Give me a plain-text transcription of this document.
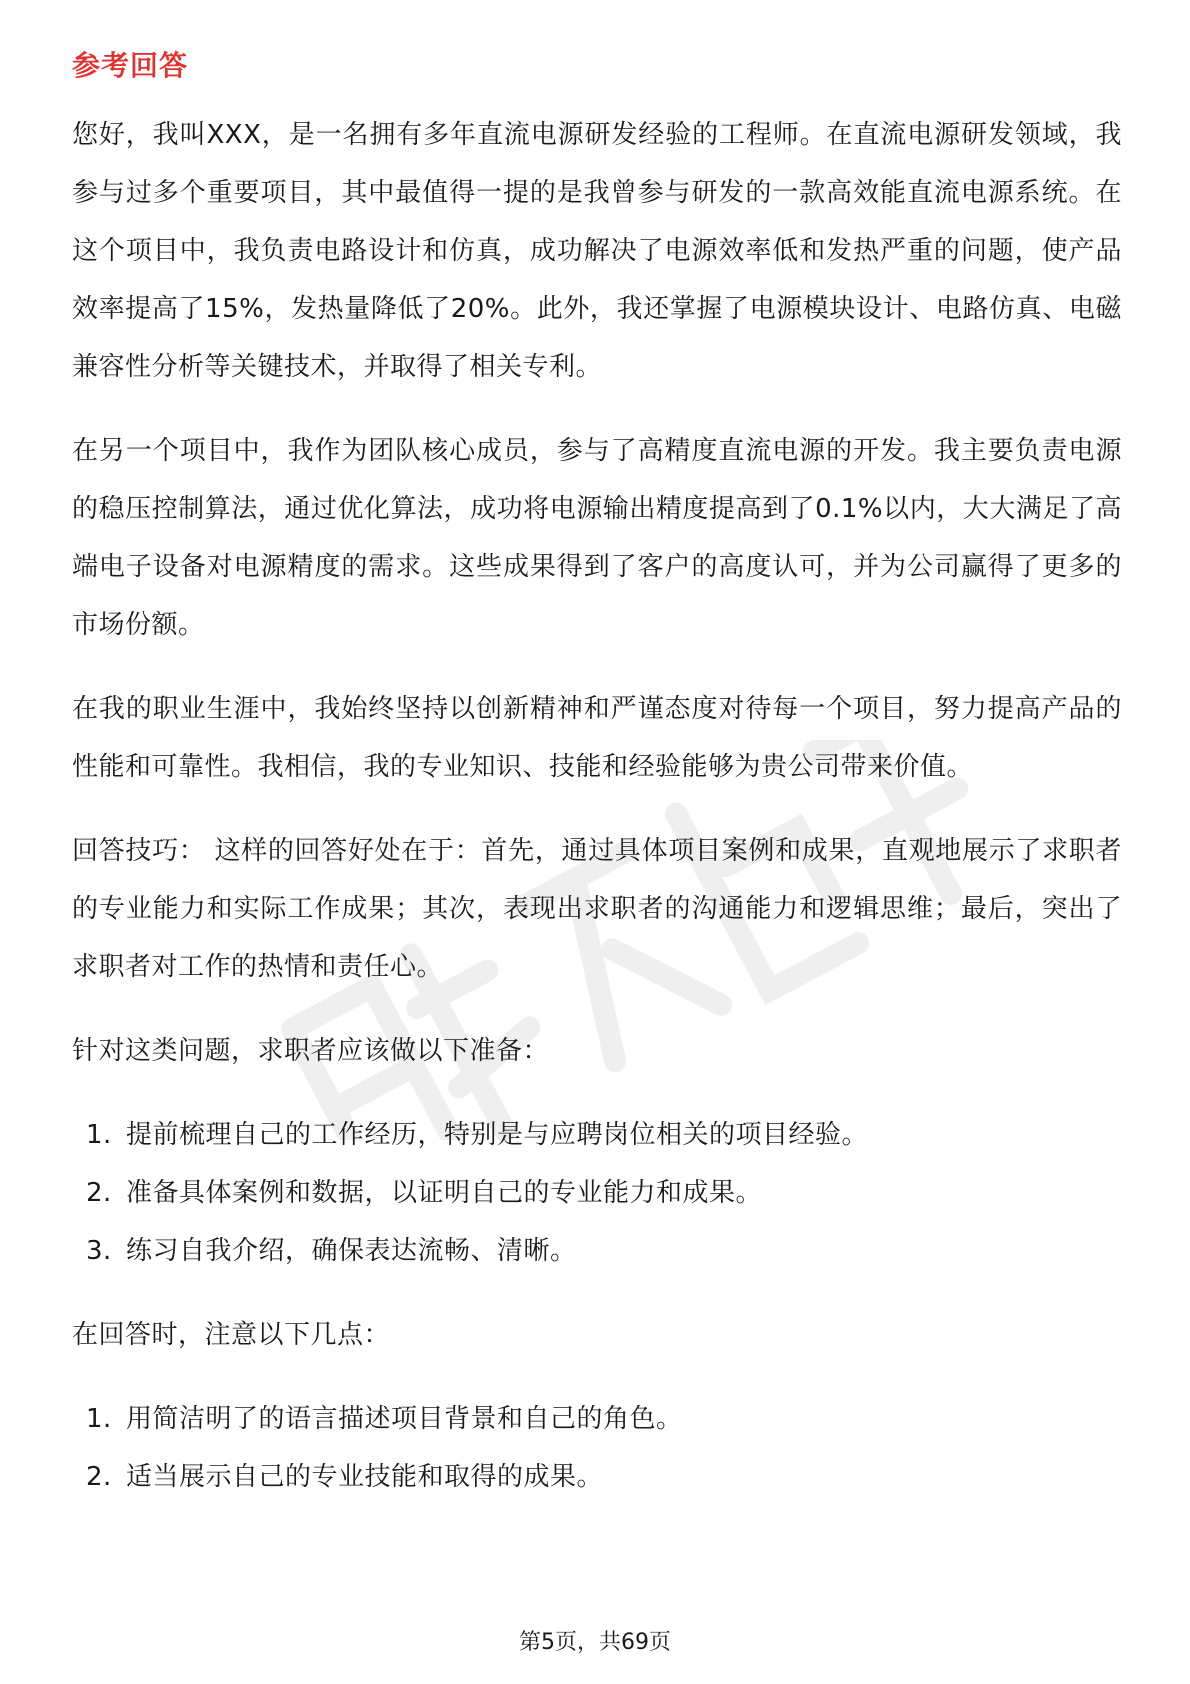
参考回答

您好，我叫XXX，是一名拥有多年直流电源研发经验的工程师。在直流电源研发领域，我参与过多个重要项目，其中最值得一提的是我曾参与研发的一款高效能直流电源系统。在这个项目中，我负责电路设计和仿真，成功解决了电源效率低和发热严重的问题，使产品效率提高了15%，发热量降低了20%。此外，我还掌握了电源模块设计、电路仿真、电磁兼容性分析等关键技术，并取得了相关专利。

在另一个项目中，我作为团队核心成员，参与了高精度直流电源的开发。我主要负责电源的稳压控制算法，通过优化算法，成功将电源输出精度提高到了0.1%以内，大大满足了高端电子设备对电源精度的需求。这些成果得到了客户的高度认可，并为公司赢得了更多的市场份额。

在我的职业生涯中，我始终坚持以创新精神和严谨态度对待每一个项目，努力提高产品的性能和可靠性。我相信，我的专业知识、技能和经验能够为贵公司带来价值。

回答技巧： 这样的回答好处在于：首先，通过具体项目案例和成果，直观地展示了求职者的专业能力和实际工作成果；其次，表现出求职者的沟通能力和逻辑思维；最后，突出了求职者对工作的热情和责任心。

针对这类问题，求职者应该做以下准备：

1. 提前梳理自己的工作经历，特别是与应聘岗位相关的项目经验。
2. 准备具体案例和数据，以证明自己的专业能力和成果。
3. 练习自我介绍，确保表达流畅、清晰。

在回答时，注意以下几点：

1. 用简洁明了的语言描述项目背景和自己的角色。
2. 适当展示自己的专业技能和取得的成果。
第5页，共69页
